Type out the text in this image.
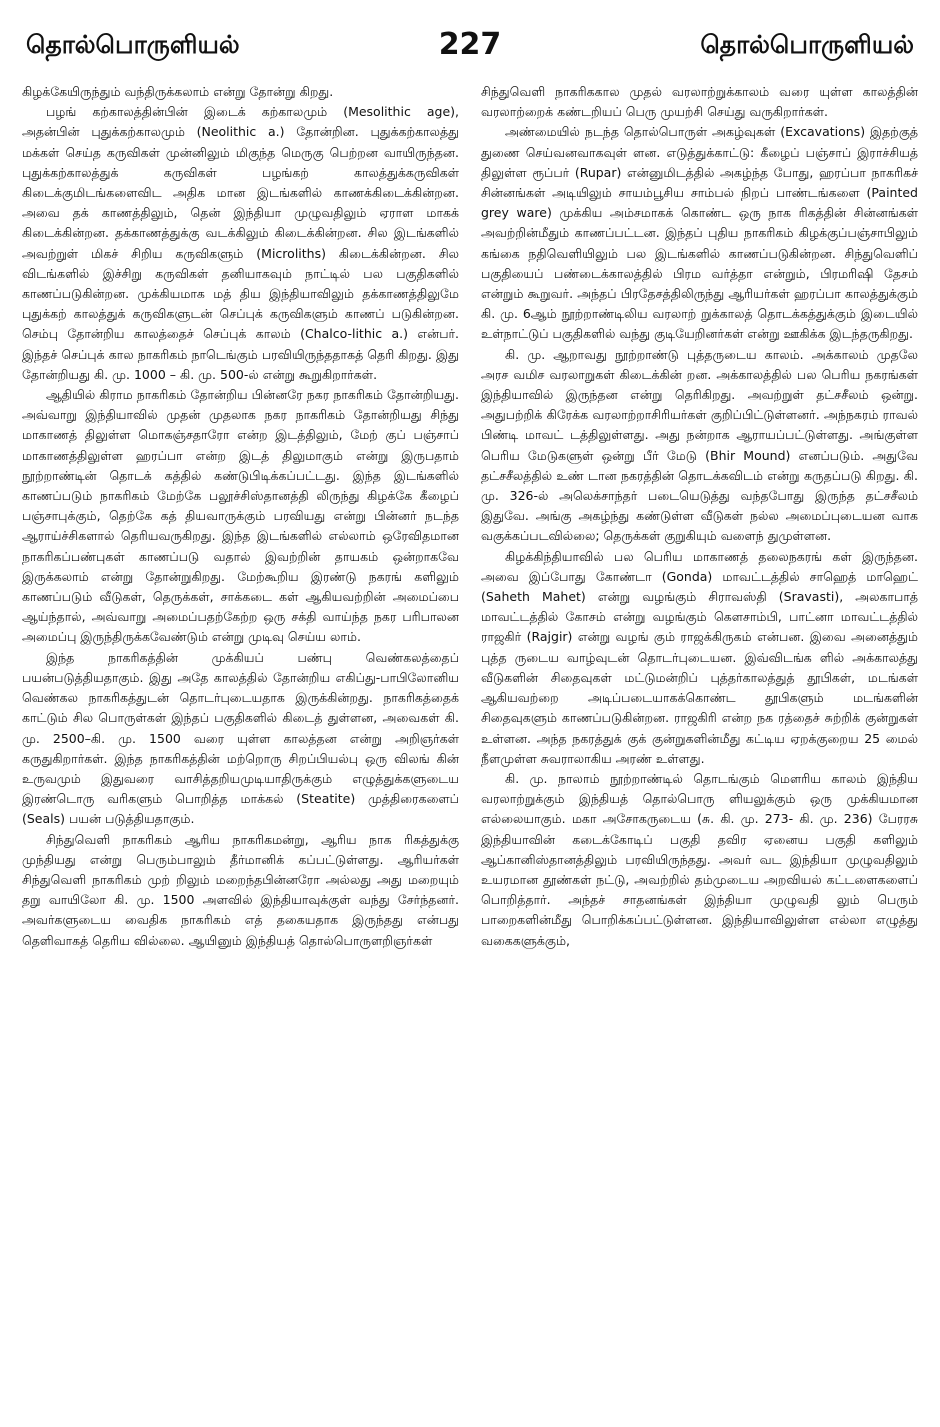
தொல்பொருளியல்	227	தொல்பொருளியல்

கிழக்கேயிருந்தும் வந்திருக்கலாம் என்று தோன்று கிறது.

பழங் கற்காலத்தின்பின் இடைக் கற்காலமும் (Mesolithic age), அதன்பின் புதுக்கற்காலமும் (Neolithic a.) தோன்றின. புதுக்கற்காலத்து மக்கள் செய்த கருவிகள் முன்னிலும் மிகுந்த மெருகு பெற்றன வாயிருந்தன. புதுக்கற்காலத்துக் கருவிகள் பழங்கற் காலத்துக்கருவிகள் கிடைக்குமிடங்களைவிட அதிக மான இடங்களில் காணக்கிடைக்கின்றன. அவை தக் காணத்திலும், தென் இந்தியா முழுவதிலும் ஏராள மாகக் கிடைக்கின்றன. தக்காணத்துக்கு வடக்கிலும் கிடைக்கின்றன. சில இடங்களில் அவற்றுள் மிகச் சிறிய கருவிகளும் (Microliths) கிடைக்கின்றன. சில விடங்களில் இச்சிறு கருவிகள் தனியாகவும் நாட்டில் பல பகுதிகளில் காணப்படுகின்றன. முக்கியமாக மத் திய இந்தியாவிலும் தக்காணத்திலுமே புதுக்கற் காலத்துக் கருவிகளுடன் செப்புக் கருவிகளும் காணப் படுகின்றன. செம்பு தோன்றிய காலத்தைச் செப்புக் காலம் (Chalco-lithic a.) என்பர். இந்தச் செப்புக் கால நாகரிகம் நாடெங்கும் பரவியிருந்ததாகத் தெரி கிறது. இது தோன்றியது கி. மு. 1000 – கி. மு. 500-ல் என்று கூறுகிறார்கள்.

ஆதியில் கிராம நாகரிகம் தோன்றிய பின்னரே நகர நாகரிகம் தோன்றியது. அவ்வாறு இந்தியாவில் முதன் முதலாக நகர நாகரிகம் தோன்றியது சிந்து மாகாணத் திலுள்ள மொகஞ்சதாரோ என்ற இடத்திலும், மேற் குப் பஞ்சாப் மாகாணத்திலுள்ள ஹரப்பா என்ற இடத் திலுமாகும் என்று இருபதாம் நூற்றாண்டின் தொடக் கத்தில் கண்டுபிடிக்கப்பட்டது. இந்த இடங்களில் காணப்படும் நாகரிகம் மேற்கே பலூச்சிஸ்தானத்தி லிருந்து கிழக்கே கீழைப் பஞ்சாபுக்கும், தெற்கே கத் தியவாருக்கும் பரவியது என்று பின்னர் நடந்த ஆராய்ச்சிகளால் தெரியவருகிறது. இந்த இடங்களில் எல்லாம் ஒரேவிதமான நாகரிகப்பண்புகள் காணப்படு வதால் இவற்றின் தாயகம் ஒன்றாகவே இருக்கலாம் என்று தோன்றுகிறது. மேற்கூறிய இரண்டு நகரங் களிலும் காணப்படும் வீடுகள், தெருக்கள், சாக்கடை கள் ஆகியவற்றின் அமைப்பை ஆய்ந்தால், அவ்வாறு அமைப்பதற்கேற்ற ஒரு சக்தி வாய்ந்த நகர பரிபாலன அமைப்பு இருந்திருக்கவேண்டும் என்று முடிவு செய்ய லாம்.

இந்த நாகரிகத்தின் முக்கியப் பண்பு வெண்கலத்தைப் பயன்படுத்தியதாகும். இது அதே காலத்தில் தோன்றிய எகிப்து-பாபிலோனிய வெண்கல நாகரிகத்துடன் தொடர்புடையதாக இருக்கின்றது. நாகரிகத்தைக் காட்டும் சில பொருள்கள் இந்தப் பகுதிகளில் கிடைத் துள்ளன, அவைகள் கி. மு. 2500–கி. மு. 1500 வரை யுள்ள காலத்தன என்று அறிஞர்கள் கருதுகிறார்கள். இந்த நாகரிகத்தின் மற்றொரு சிறப்பியல்பு ஒரு விலங் கின் உருவமும் இதுவரை வாசித்தறியமுடியாதிருக்கும் எழுத்துக்களுடைய இரண்டொரு வரிகளும் பொறித்த மாக்கல் (Steatite) முத்திரைகளைப் (Seals) பயன் படுத்தியதாகும்.

சிந்துவெளி நாகரிகம் ஆரிய நாகரிகமன்று, ஆரிய நாக ரிகத்துக்கு முந்தியது என்று பெரும்பாலும் தீர்மானிக் கப்பட்டுள்ளது. ஆரியர்கள் சிந்துவெளி நாகரிகம் முற் றிலும் மறைந்தபின்னரோ அல்லது அது மறையும் தறு வாயிலோ கி. மு. 1500 அளவில் இந்தியாவுக்குள் வந்து சேர்ந்தனர். அவர்களுடைய வைதிக நாகரிகம் எத் தகையதாக இருந்தது என்பது தெளிவாகத் தெரிய வில்லை. ஆயினும் இந்தியத் தொல்பொருளறிஞர்கள்

சிந்துவெளி நாகரிககால முதல் வரலாற்றுக்காலம் வரை யுள்ள காலத்தின் வரலாற்றைக் கண்டறியப் பெரு முயற்சி செய்து வருகிறார்கள்.

அண்மையில் நடந்த தொல்பொருள் அகழ்வுகள் (Excavations) இதற்குத் துணை செய்வனவாகவுள் ளன. எடுத்துக்காட்டு: கீழைப் பஞ்சாப் இராச்சியத் திலுள்ள ரூப்பர் (Rupar) என்னுமிடத்தில் அகழ்ந்த போது, ஹரப்பா நாகரிகச் சின்னங்கள் அடியிலும் சாயம்பூசிய சாம்பல் நிறப் பாண்டங்களை (Painted grey ware) முக்கிய அம்சமாகக் கொண்ட ஒரு நாக ரிகத்தின் சின்னங்கள் அவற்றின்மீதும் காணப்பட்டன. இந்தப் புதிய நாகரிகம் கிழக்குப்பஞ்சாபிலும் கங்கை நதிவெளியிலும் பல இடங்களில் காணப்படுகின்றன. சிந்துவெளிப் பகுதியைப் பண்டைக்காலத்தில் பிரம வர்த்தா என்றும், பிரமரிஷி தேசம் என்றும் கூறுவர். அந்தப் பிரதேசத்திலிருந்து ஆரியர்கள் ஹரப்பா காலத்துக்கும் கி. மு. 6ஆம் நூற்றாண்டிலிய வரலாற் றுக்காலத் தொடக்கத்துக்கும் இடையில் உள்நாட்டுப் பகுதிகளில் வந்து குடியேறினர்கள் என்று ஊகிக்க இடந்தருகிறது.

கி. மு. ஆறாவது நூற்றாண்டு புத்தருடைய காலம். அக்காலம் முதலே அரச வமிச வரலாறுகள் கிடைக்கின் றன. அக்காலத்தில் பல பெரிய நகரங்கள் இந்தியாவில் இருந்தன என்று தெரிகிறது. அவற்றுள் தட்சசீலம் ஒன்று. அதுபற்றிக் கிரேக்க வரலாற்றாசிரியர்கள் குறிப்பிட்டுள்ளனர். அந்நகரம் ராவல் பிண்டி மாவட் டத்திலுள்ளது. அது நன்றாக ஆராயப்பட்டுள்ளது. அங்குள்ள பெரிய மேடுகளுள் ஒன்று பீர் மேடு (Bhir Mound) எனப்படும். அதுவே தட்சசீலத்தில் உண் டான நகரத்தின் தொடக்கவிடம் என்று கருதப்படு கிறது. கி. மு. 326-ல் அலெக்சாந்தர் படையெடுத்து வந்தபோது இருந்த தட்சசீலம் இதுவே. அங்கு அகழ்ந்து கண்டுள்ள வீடுகள் நல்ல அமைப்புடையன வாக வகுக்கப்படவில்லை; தெருக்கள் குறுகியும் வளைந் துமுள்ளன.

கிழக்கிந்தியாவில் பல பெரிய மாகாணத் தலைநகரங் கள் இருந்தன. அவை இப்போது கோண்டா (Gonda) மாவட்டத்தில் சாஹெத் மாஹெட் (Saheth Mahet) என்று வழங்கும் சிராவஸ்தி (Sravasti), அலகாபாத் மாவட்டத்தில் கோசம் என்று வழங்கும் கௌசாம்பி, பாட்னா மாவட்டத்தில் ராஜகிர் (Rajgir) என்று வழங் கும் ராஜக்கிருகம் என்பன. இவை அனைத்தும் புத்த ருடைய வாழ்வுடன் தொடர்புடையன. இவ்விடங்க ளில் அக்காலத்து வீடுகளின் சிதைவுகள் மட்டுமன்றிப் புத்தர்காலத்துத் தூபிகள், மடங்கள் ஆகியவற்றை அடிப்படையாகக்கொண்ட தூபிகளும் மடங்களின் சிதைவுகளும் காணப்படுகின்றன. ராஜகிரி என்ற நக ரத்தைச் சுற்றிக் குன்றுகள் உள்ளன. அந்த நகரத்துக் குக் குன்றுகளின்மீது கட்டிய ஏறக்குறைய 25 மைல் நீளமுள்ள சுவராலாகிய அரண் உள்ளது.

கி. மு. நாலாம் நூற்றாண்டில் தொடங்கும் மௌரிய காலம் இந்திய வரலாற்றுக்கும் இந்தியத் தொல்பொரு ளியலுக்கும் ஒரு முக்கியமான எல்லையாகும். மகா அசோகருடைய (சு. கி. மு. 273- கி. மு. 236) பேரரசு இந்தியாவின் கடைக்கோடிப் பகுதி தவிர ஏனைய பகுதி களிலும் ஆப்கானிஸ்தானத்திலும் பரவியிருந்தது. அவர் வட இந்தியா முழுவதிலும் உயரமான தூண்கள் நட்டு, அவற்றில் தம்முடைய அறவியல் கட்டளைகளைப் பொறித்தார். அந்தச் சாதனங்கள் இந்தியா முழுவதி லும் பெரும் பாறைகளின்மீது பொறிக்கப்பட்டுள்ளன. இந்தியாவிலுள்ள எல்லா எழுத்து வகைகளுக்கும்,
